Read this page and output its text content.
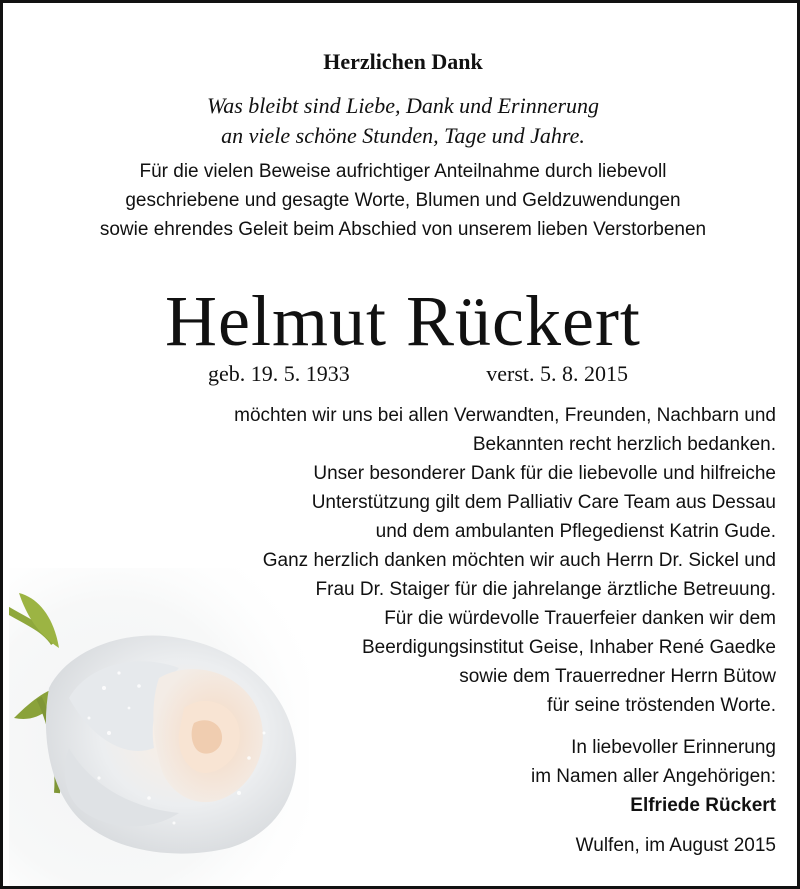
Herzlichen Dank
Was bleibt sind Liebe, Dank und Erinnerung
an viele schöne Stunden, Tage und Jahre.
Für die vielen Beweise aufrichtiger Anteilnahme durch liebevoll
geschriebene und gesagte Worte, Blumen und Geldzuwendungen
sowie ehrendes Geleit beim Abschied von unserem lieben Verstorbenen
Helmut Rückert
geb. 19. 5. 1933	verst. 5. 8. 2015
möchten wir uns bei allen Verwandten, Freunden, Nachbarn und
Bekannten recht herzlich bedanken.
Unser besonderer Dank für die liebevolle und hilfreiche
Unterstützung gilt dem Palliativ Care Team aus Dessau
und dem ambulanten Pflegedienst Katrin Gude.
Ganz herzlich danken möchten wir auch Herrn Dr. Sickel und
Frau Dr. Staiger für die jahrelange ärztliche Betreuung.
Für die würdevolle Trauerfeier danken wir dem
Beerdigungsinstitut Geise, Inhaber René Gaedke
sowie dem Trauerredner Herrn Bütow
für seine tröstenden Worte.
In liebevoller Erinnerung
im Namen aller Angehörigen:
Elfriede Rückert
Wulfen, im August 2015
